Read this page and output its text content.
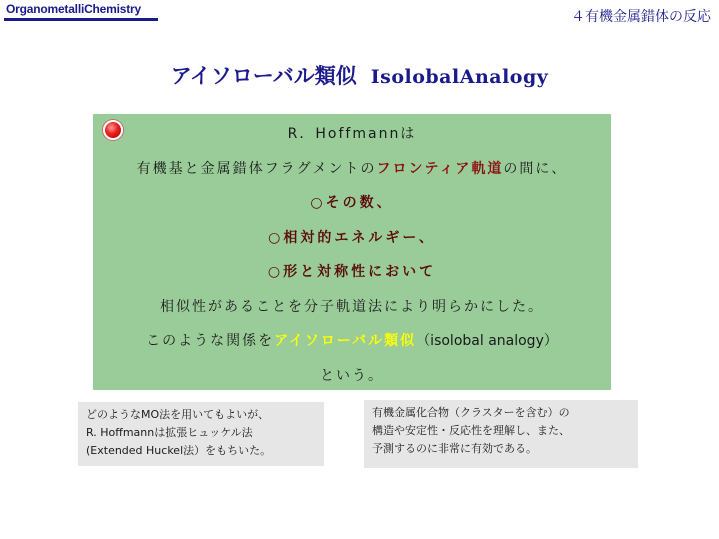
OrganometalliChemistry	４有機金属錯体の反応
アイソローバル類似 IsolobalAnalogy
R．Hoffmannは
有機基と金属錯体フラグメントのフロンティア軌道の間に、
○その数、
○相対的エネルギー、
○形と対称性において
相似性があることを分子軌道法により明らかにした。
このような関係をアイソローバル類似（isolobal analogy）
という。
どのようなMO法を用いてもよいが、
R. Hoffmannは拡張ヒュッケル法
(Extended Huckel法）をもちいた。
有機金属化合物（クラスターを含む）の
構造や安定性・反応性を理解し、また、
予測するのに非常に有効である。
